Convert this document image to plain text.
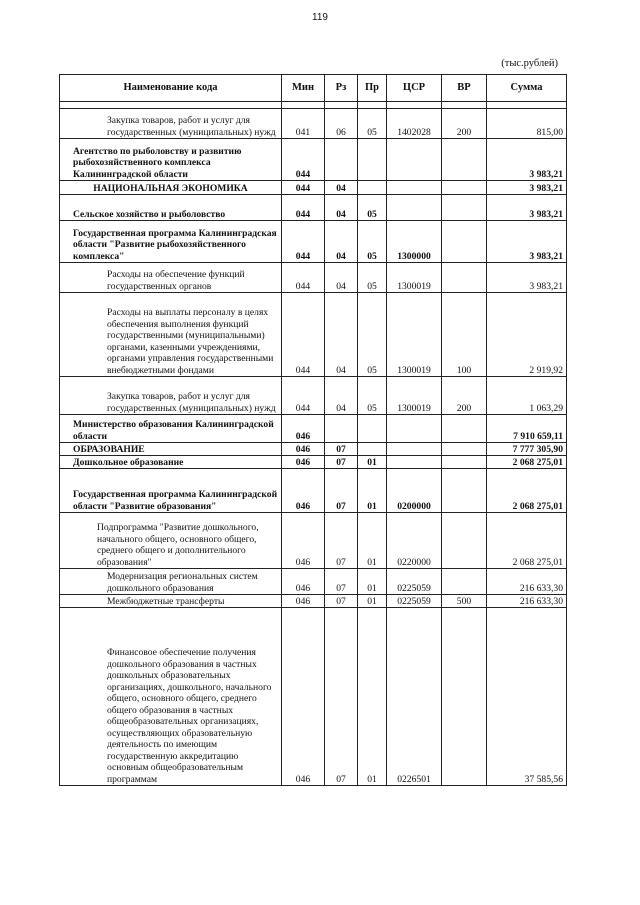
119
(тыс.рублей)
Наименование кода	Мин	Рз	Пр	ЦСР	ВР	Сумма

Закупка товаров, работ и услуг для государственных (муниципальных) нужд	041	06	05	1402028	200	815,00

Агентство по рыболовству и развитию рыбохозяйственного комплекса Калининградской области	044					3 983,21

НАЦИОНАЛЬНАЯ ЭКОНОМИКА	044	04				3 983,21

Сельское хозяйство и рыболовство	044	04	05			3 983,21

Государственная программа Калининградская области "Развитие рыбохозяйственного комплекса"	044	04	05	1300000		3 983,21

Расходы на обеспечение функций государственных органов	044	04	05	1300019		3 983,21

Расходы на выплаты персоналу в целях обеспечения выполнения функций государственными (муниципальными) органами, казенными учреждениями, органами управления государственными внебюджетными фондами	044	04	05	1300019	100	2 919,92

Закупка товаров, работ и услуг для государственных (муниципальных) нужд	044	04	05	1300019	200	1 063,29

Министерство образования Калининградской области	046					7 910 659,11

ОБРАЗОВАНИЕ	046	07				7 777 305,90

Дошкольное образование	046	07	01			2 068 275,01

Государственная программа Калининградской области "Развитие образования"	046	07	01	0200000		2 068 275,01

Подпрограмма "Развитие дошкольного, начального общего, основного общего, среднего общего и дополнительного образования"	046	07	01	0220000		2 068 275,01

Модернизация региональных систем дошкольного образования	046	07	01	0225059		216 633,30

Межбюджетные трансферты	046	07	01	0225059	500	216 633,30

Финансовое обеспечение получения дошкольного образования в частных дошкольных образовательных организациях, дошкольного, начального общего, основного общего, среднего общего образования в частных общеобразовательных организациях, осуществляющих образовательную деятельность по имеющим государственную аккредитацию основным общеобразовательным программам	046	07	01	0226501		37 585,56
